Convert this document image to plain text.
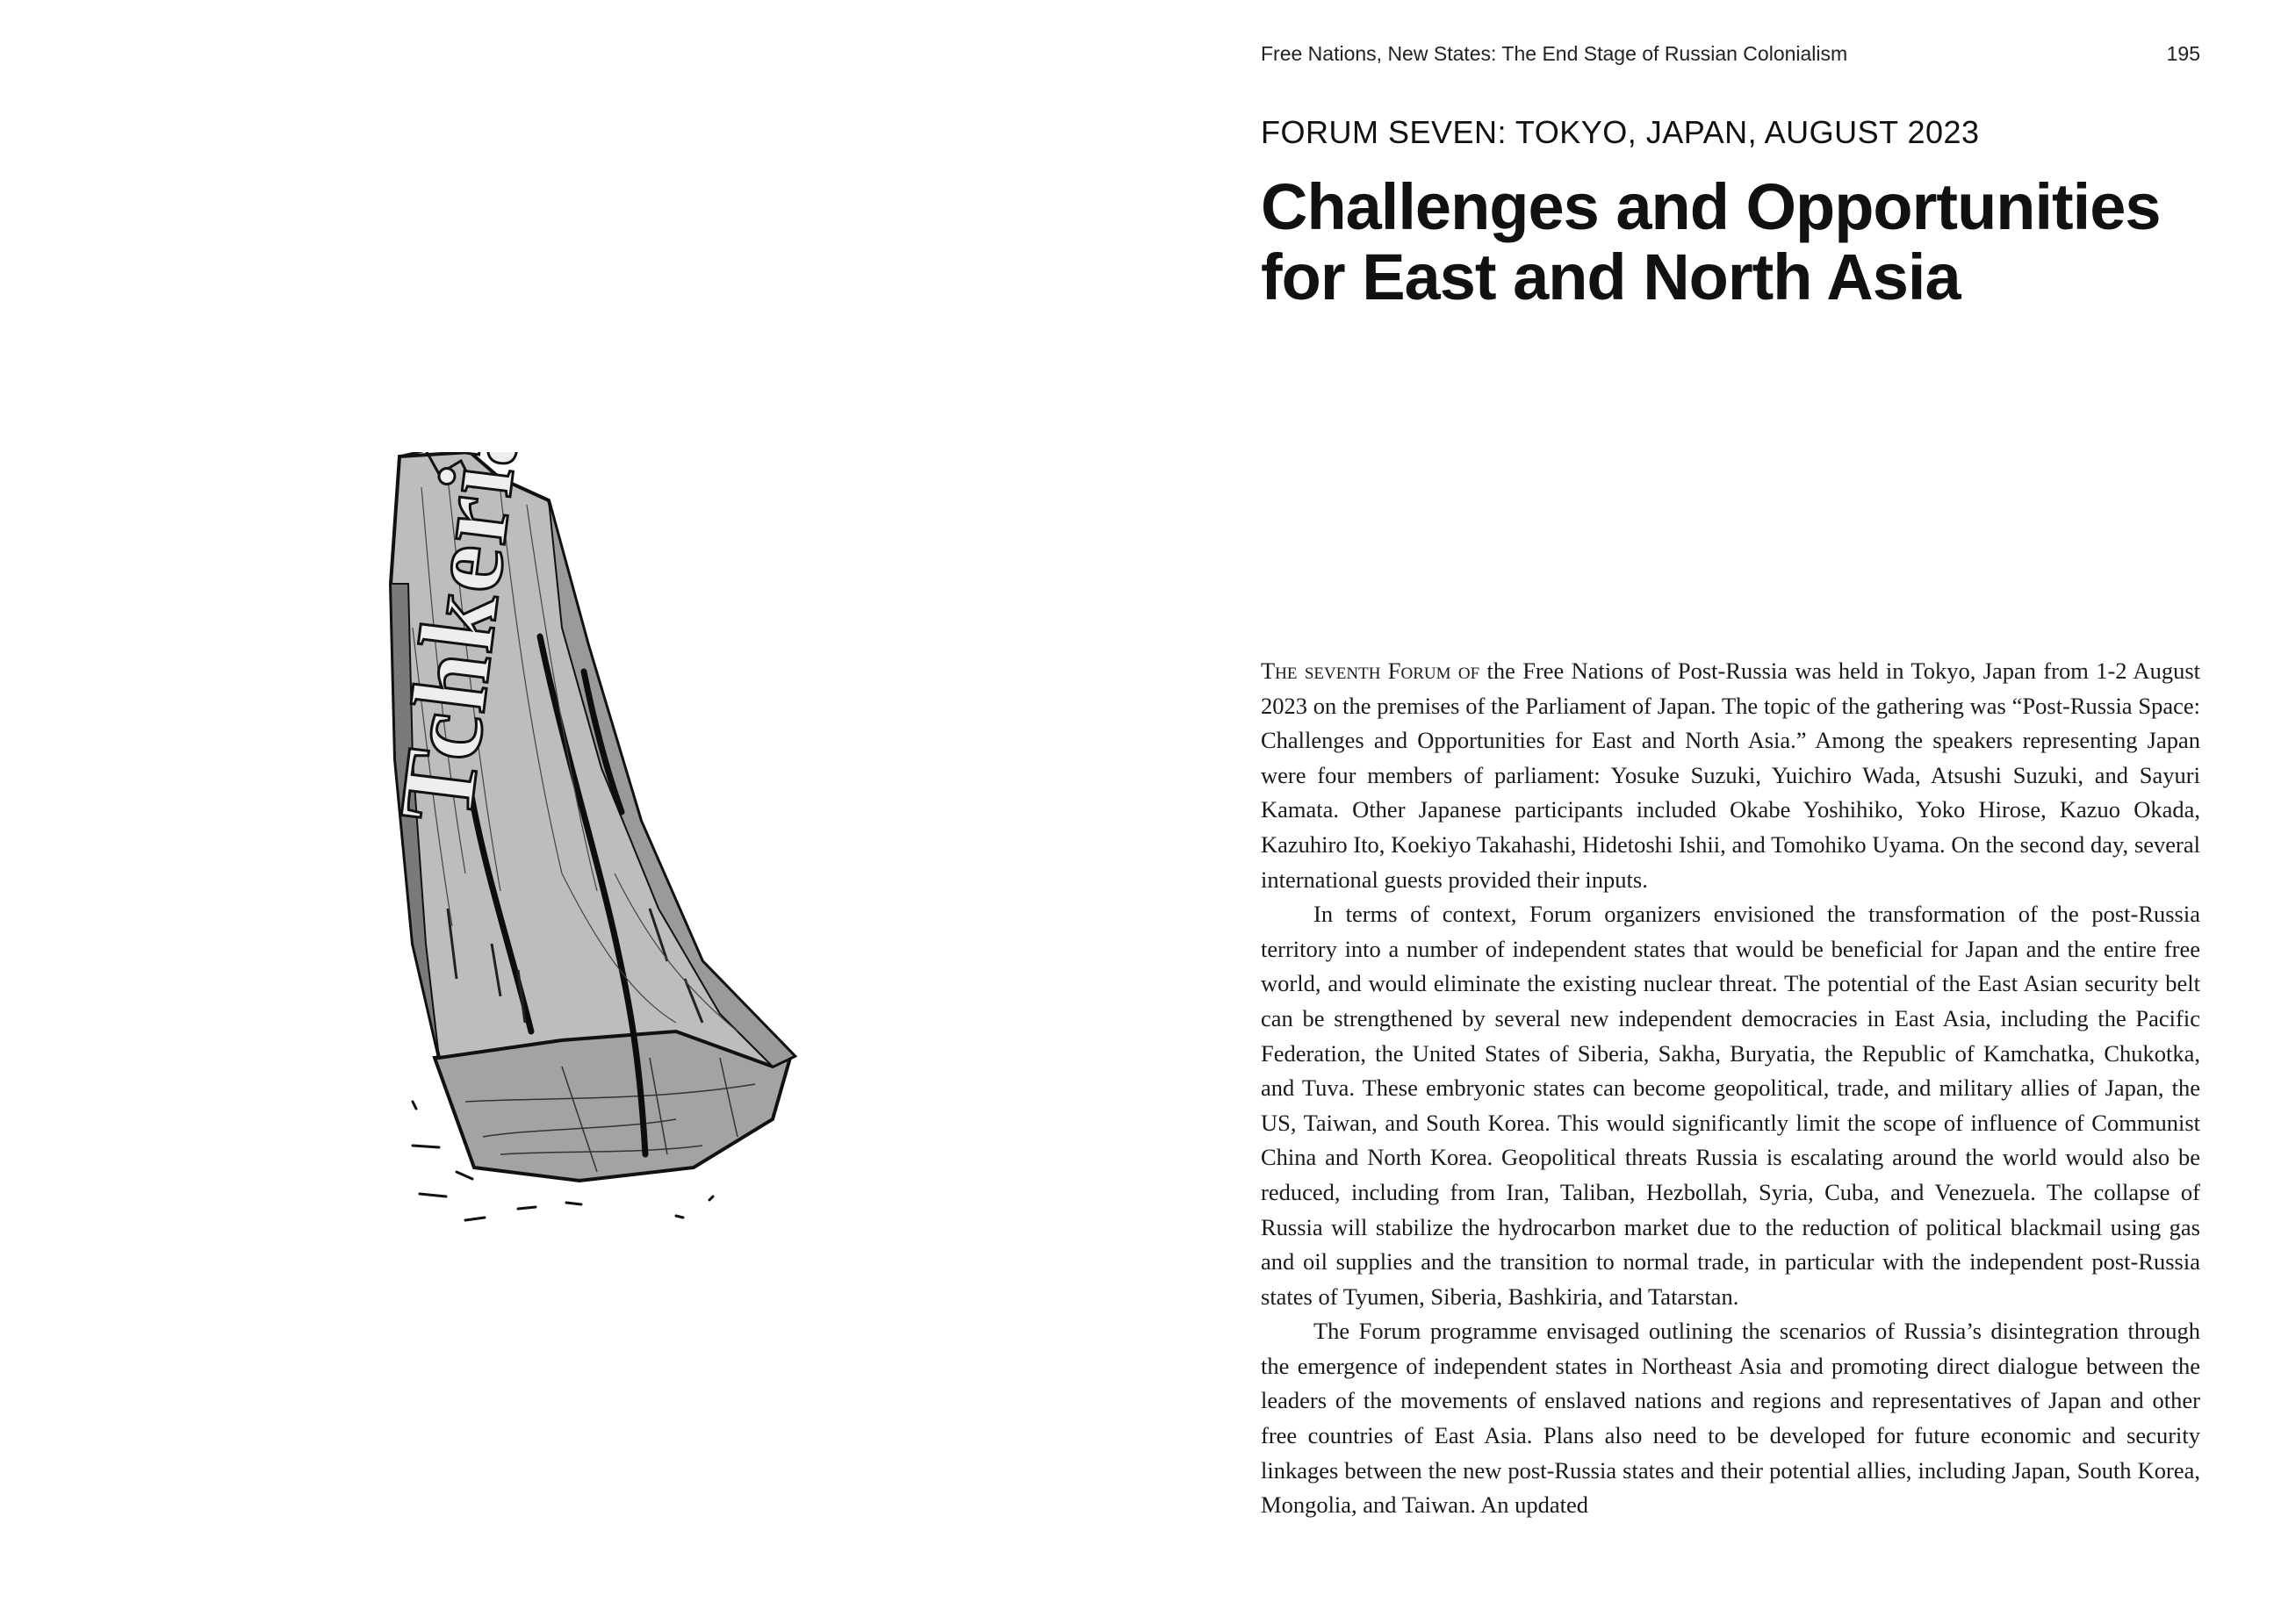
Tchkeria
Free Nations, New States: The End Stage of Russian Colonialism	195
FORUM SEVEN: TOKYO, JAPAN, AUGUST 2023
Challenges and Opportunities
for East and North Asia

The seventh Forum of the Free Nations of Post-Russia was held in Tokyo, Japan from 1-2 August 2023 on the premises of the Parliament of Japan. The topic of the gathering was “Post-Russia Space: Challenges and Opportunities for East and North Asia.” Among the speakers representing Japan were four members of parliament: Yosuke Suzuki, Yuichiro Wada, Atsushi Suzuki, and Sayuri Kamata. Other Japanese participants included Okabe Yoshihiko, Yoko Hirose, Kazuo Okada, Kazuhiro Ito, Koekiyo Takahashi, Hidetoshi Ishii, and Tomohiko Uyama. On the second day, several international guests provided their inputs.

In terms of context, Forum organizers envisioned the transformation of the post-Russia territory into a number of independent states that would be beneficial for Japan and the entire free world, and would eliminate the existing nuclear threat. The potential of the East Asian security belt can be strengthened by several new independent democracies in East Asia, including the Pacific Federation, the United States of Siberia, Sakha, Buryatia, the Republic of Kamchatka, Chukotka, and Tuva. These embryonic states can become geopolitical, trade, and military allies of Japan, the US, Taiwan, and South Korea. This would significantly limit the scope of influence of Communist China and North Korea. Geopolitical threats Russia is escalating around the world would also be reduced, including from Iran, Taliban, Hezbollah, Syria, Cuba, and Venezuela. The collapse of Russia will stabilize the hydrocarbon market due to the reduction of political blackmail using gas and oil supplies and the transition to normal trade, in particular with the independent post-Russia states of Tyumen, Siberia, Bashkiria, and Tatarstan.

The Forum programme envisaged outlining the scenarios of Russia’s disintegration through the emergence of independent states in Northeast Asia and promoting direct dialogue between the leaders of the movements of enslaved nations and regions and representatives of Japan and other free countries of East Asia. Plans also need to be developed for future economic and security linkages between the new post-Russia states and their potential allies, including Japan, South Korea, Mongolia, and Taiwan. An updated
